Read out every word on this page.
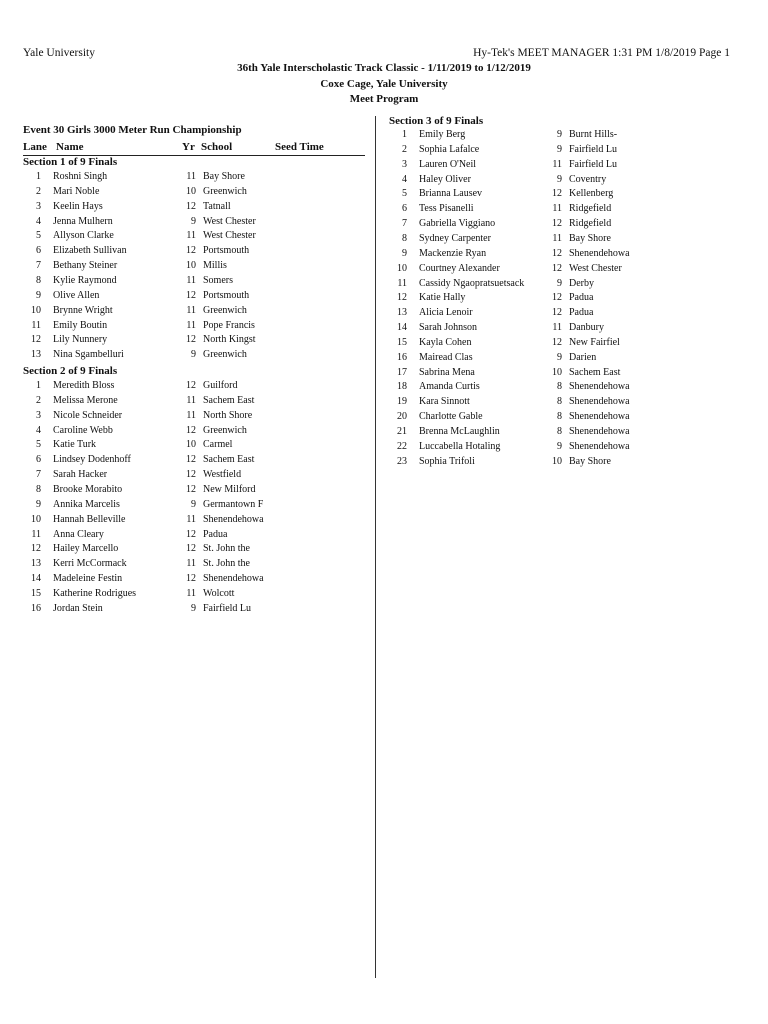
Yale University	Hy-Tek's MEET MANAGER 1:31 PM 1/8/2019 Page 1
36th Yale Interscholastic Track Classic - 1/11/2019 to 1/12/2019
Coxe Cage, Yale University
Meet Program
Event 30 Girls 3000 Meter Run Championship
Lane Name	Yr School	Seed Time
Section 1 of 9 Finals
1 Roshni Singh	11 Bay Shore
2 Mari Noble	10 Greenwich
3 Keelin Hays	12 Tatnall
4 Jenna Mulhern	9 West Chester
5 Allyson Clarke	11 West Chester
6 Elizabeth Sullivan	12 Portsmouth
7 Bethany Steiner	10 Millis
8 Kylie Raymond	11 Somers
9 Olive Allen	12 Portsmouth
10 Brynne Wright	11 Greenwich
11 Emily Boutin	11 Pope Francis
12 Lily Nunnery	12 North Kingst
13 Nina Sgambelluri	9 Greenwich
Section 2 of 9 Finals
1 Meredith Bloss	12 Guilford
2 Melissa Merone	11 Sachem East
3 Nicole Schneider	11 North Shore
4 Caroline Webb	12 Greenwich
5 Katie Turk	10 Carmel
6 Lindsey Dodenhoff	12 Sachem East
7 Sarah Hacker	12 Westfield
8 Brooke Morabito	12 New Milford
9 Annika Marcelis	9 Germantown F
10 Hannah Belleville	11 Shenendehowa
11 Anna Cleary	12 Padua
12 Hailey Marcello	12 St. John the
13 Kerri McCormack	11 St. John the
14 Madeleine Festin	12 Shenendehowa
15 Katherine Rodrigues	11 Wolcott
16 Jordan Stein	9 Fairfield Lu
Section 3 of 9 Finals
1 Emily Berg	9 Burnt Hills-
2 Sophia Lafalce	9 Fairfield Lu
3 Lauren O'Neil	11 Fairfield Lu
4 Haley Oliver	9 Coventry
5 Brianna Lausev	12 Kellenberg
6 Tess Pisanelli	11 Ridgefield
7 Gabriella Viggiano	12 Ridgefield
8 Sydney Carpenter	11 Bay Shore
9 Mackenzie Ryan	12 Shenendehowa
10 Courtney Alexander	12 West Chester
11 Cassidy Ngaopratsuetsack	9 Derby
12 Katie Hally	12 Padua
13 Alicia Lenoir	12 Padua
14 Sarah Johnson	11 Danbury
15 Kayla Cohen	12 New Fairfiel
16 Mairead Clas	9 Darien
17 Sabrina Mena	10 Sachem East
18 Amanda Curtis	8 Shenendehowa
19 Kara Sinnott	8 Shenendehowa
20 Charlotte Gable	8 Shenendehowa
21 Brenna McLaughlin	8 Shenendehowa
22 Luccabella Hotaling	9 Shenendehowa
23 Sophia Trifoli	10 Bay Shore
